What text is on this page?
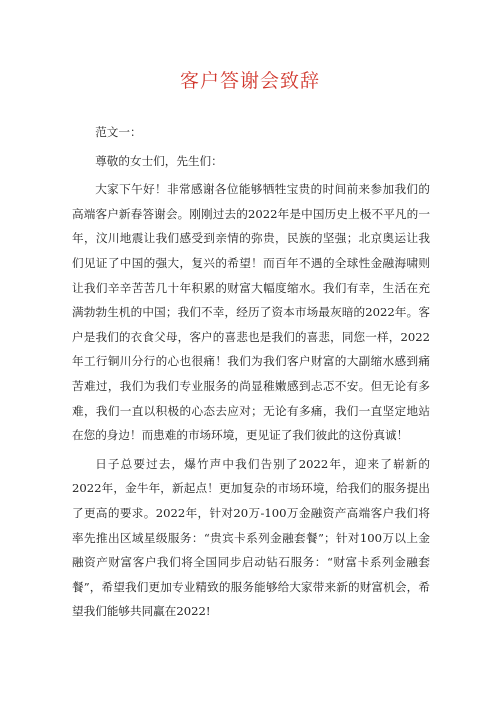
客户答谢会致辞

范文一：

尊敬的女士们，先生们：

大家下午好！非常感谢各位能够牺牲宝贵的时间前来参加我们的高端客户新春答谢会。刚刚过去的2022年是中国历史上极不平凡的一年，汶川地震让我们感受到亲情的弥贵，民族的坚强；北京奥运让我们见证了中国的强大，复兴的希望！而百年不遇的全球性金融海啸则让我们辛辛苦苦几十年积累的财富大幅度缩水。我们有幸，生活在充满勃勃生机的中国；我们不幸，经历了资本市场最灰暗的2022年。客户是我们的衣食父母，客户的喜悲也是我们的喜悲，同您一样，2022年工行铜川分行的心也很痛！我们为我们客户财富的大副缩水感到痛苦难过，我们为我们专业服务的尚显稚嫩感到忐忑不安。但无论有多难，我们一直以积极的心态去应对；无论有多痛，我们一直坚定地站在您的身边！而患难的市场环境，更见证了我们彼此的这份真诚！

日子总要过去，爆竹声中我们告别了2022年，迎来了崭新的2022年，金牛年，新起点！更加复杂的市场环境，给我们的服务提出了更高的要求。2022年，针对20万-100万金融资产高端客户我们将率先推出区域星级服务：“贵宾卡系列金融套餐”；针对100万以上金融资产财富客户我们将全国同步启动钻石服务：“财富卡系列金融套餐”，希望我们更加专业精致的服务能够给大家带来新的财富机会，希望我们能够共同赢在2022!
